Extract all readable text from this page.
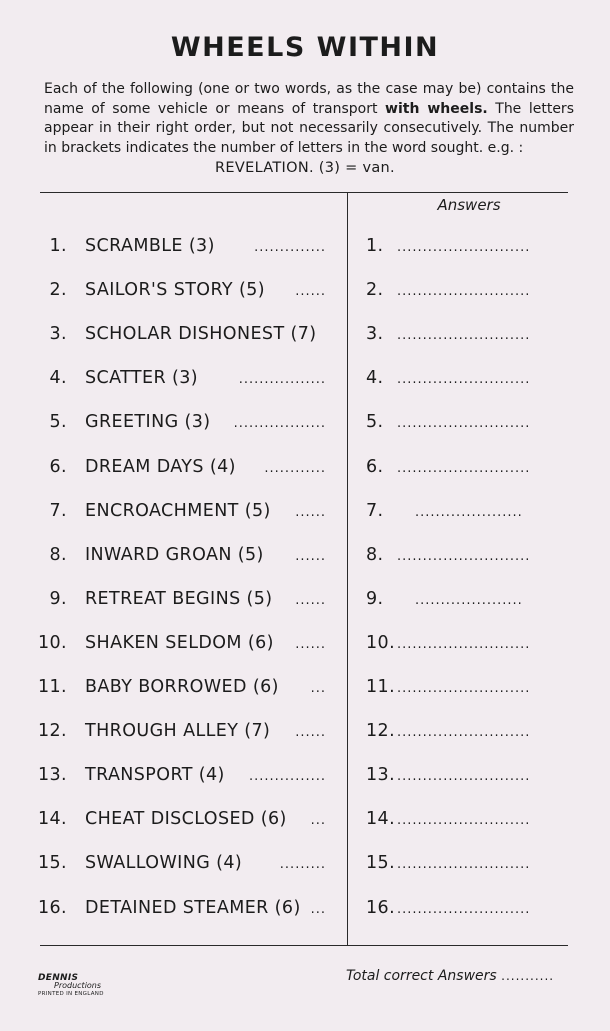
WHEELS WITHIN
Each of the following (one or two words, as the case may be) contains the name of some vehicle or means of transport with wheels. The letters appear in their right order, but not necessarily consecutively. The number in brackets indicates the number of letters in the word sought. e.g. :
REVELATION. (3) = van.
Answers
1. SCRAMBLE (3)	.............. 1. ..........................
2. SAILOR'S STORY (5) ...... 2. ..........................
3. SCHOLAR DISHONEST (7)	3. ..........................
4. SCATTER (3)	................. 4. ..........................
5. GREETING (3) .................. 5. ..........................
6. DREAM DAYS (4) ............ 6. ..........................
7. ENCROACHMENT (5) ...... 7. .....................
8. INWARD GROAN (5) ...... 8. ..........................
9. RETREAT BEGINS (5) ...... 9. .....................
10. SHAKEN SELDOM (6) ...... 10. ..........................
11. BABY BORROWED (6) ... 11. ..........................
12. THROUGH ALLEY (7) ...... 12. ..........................
13. TRANSPORT (4) ............... 13. ..........................
14. CHEAT DISCLOSED (6) ... 14. ..........................
15. SWALLOWING (4)	......... 15. ..........................
16. DETAINED STEAMER (6) ... 16. ..........................
DENNIS
Productions
PRINTED IN ENGLAND
Total correct Answers ...........
